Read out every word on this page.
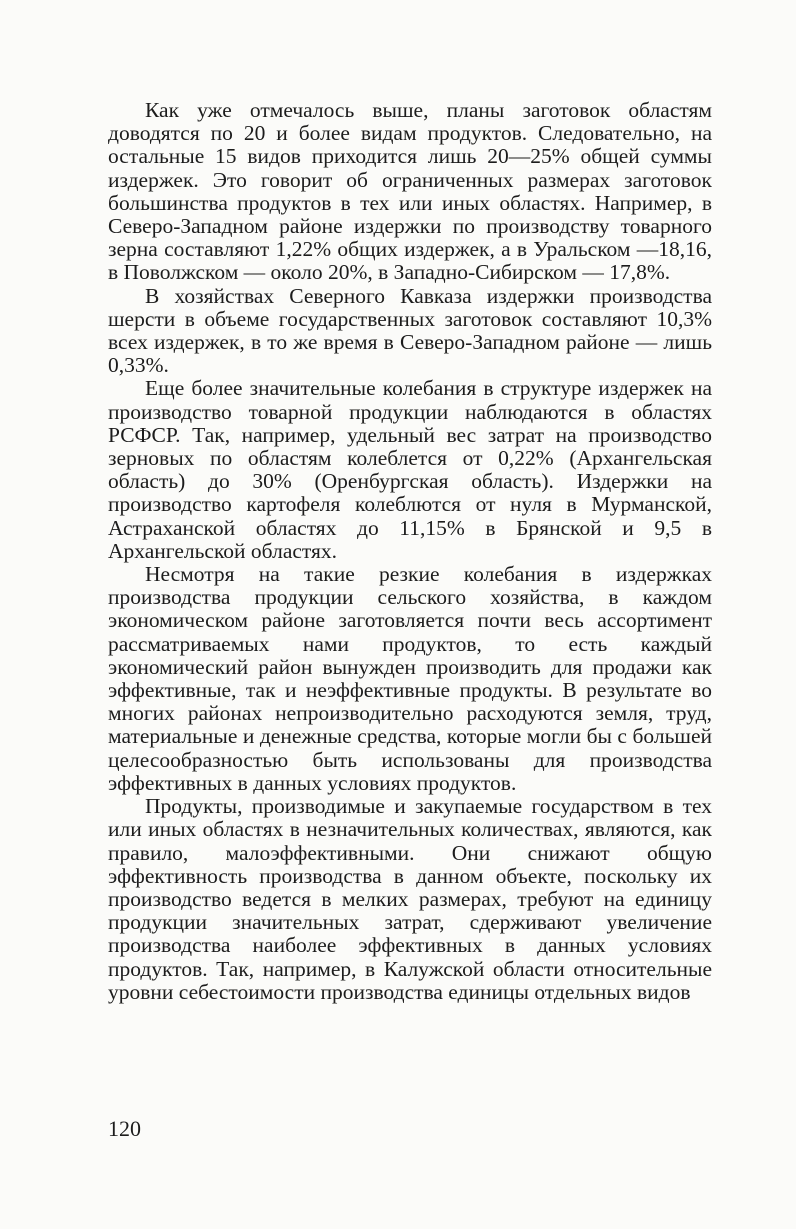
Как уже отмечалось выше, планы заготовок областям доводятся по 20 и более видам продуктов. Следовательно, на остальные 15 видов приходится лишь 20—25% общей суммы издержек. Это говорит об ограниченных размерах заготовок большинства продуктов в тех или иных областях. Например, в Северо-Западном районе издержки по производству товарного зерна составляют 1,22% общих издержек, а в Уральском —18,16, в Поволжском — около 20%, в Западно-Сибирском — 17,8%.

В хозяйствах Северного Кавказа издержки производства шерсти в объеме государственных заготовок составляют 10,3% всех издержек, в то же время в Северо-Западном районе — лишь 0,33%.

Еще более значительные колебания в структуре издержек на производство товарной продукции наблюдаются в областях РСФСР. Так, например, удельный вес затрат на производство зерновых по областям колеблется от 0,22% (Архангельская область) до 30% (Оренбургская область). Издержки на производство картофеля колеблются от нуля в Мурманской, Астраханской областях до 11,15% в Брянской и 9,5 в Архангельской областях.

Несмотря на такие резкие колебания в издержках производства продукции сельского хозяйства, в каждом экономическом районе заготовляется почти весь ассортимент рассматриваемых нами продуктов, то есть каждый экономический район вынужден производить для продажи как эффективные, так и неэффективные продукты. В результате во многих районах непроизводительно расходуются земля, труд, материальные и денежные средства, которые могли бы с большей целесообразностью быть использованы для производства эффективных в данных условиях продуктов.

Продукты, производимые и закупаемые государством в тех или иных областях в незначительных количествах, являются, как правило, малоэффективными. Они снижают общую эффективность производства в данном объекте, поскольку их производство ведется в мелких размерах, требуют на единицу продукции значительных затрат, сдерживают увеличение производства наиболее эффективных в данных условиях продуктов. Так, например, в Калужской области относительные уровни себестоимости производства единицы отдельных видов

120
